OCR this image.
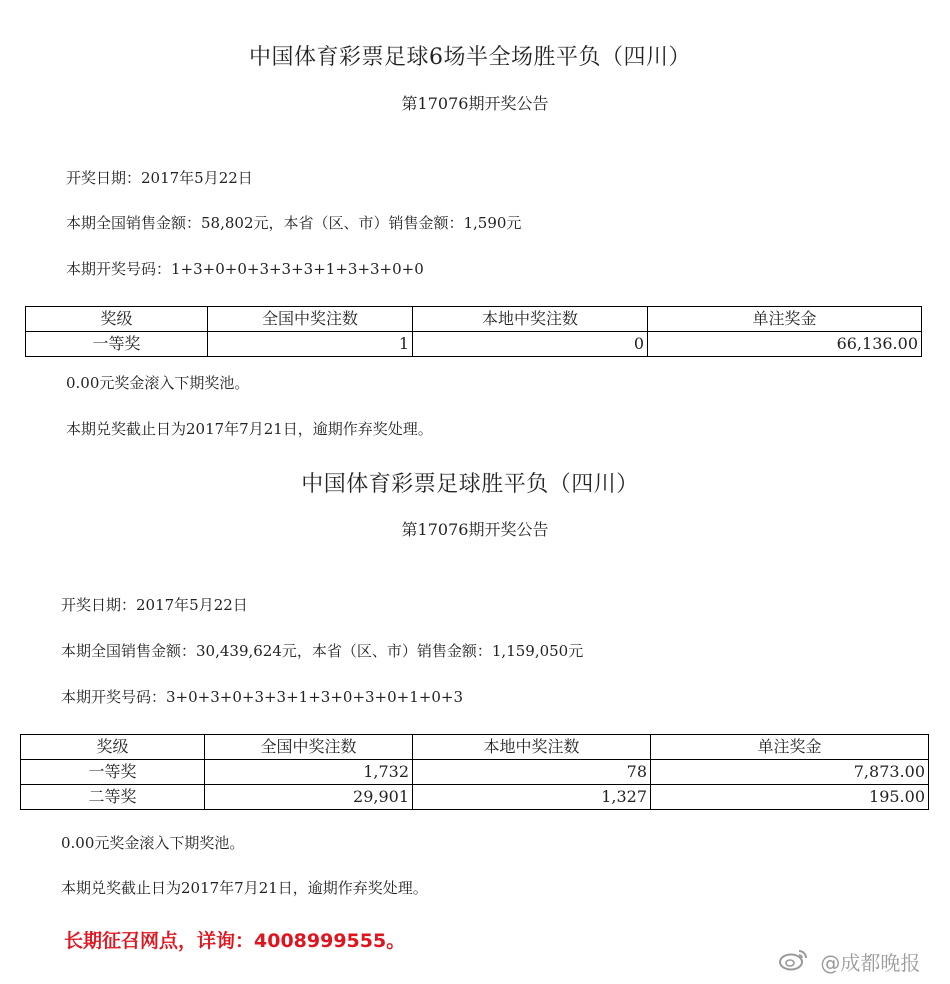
中国体育彩票足球6场半全场胜平负（四川）
第17076期开奖公告
开奖日期：2017年5月22日
本期全国销售金额：58,802元，本省（区、市）销售金额：1,590元
本期开奖号码：1+3+0+0+3+3+3+1+3+3+0+0
奖级	全国中奖注数	本地中奖注数	单注奖金
一等奖	1	0	66,136.00
0.00元奖金滚入下期奖池。
本期兑奖截止日为2017年7月21日，逾期作弃奖处理。
中国体育彩票足球胜平负（四川）
第17076期开奖公告
开奖日期：2017年5月22日
本期全国销售金额：30,439,624元，本省（区、市）销售金额：1,159,050元
本期开奖号码：3+0+3+0+3+3+1+3+0+3+0+1+0+3
奖级	全国中奖注数	本地中奖注数	单注奖金
一等奖	1,732	78	7,873.00
二等奖	29,901	1,327	195.00
0.00元奖金滚入下期奖池。
本期兑奖截止日为2017年7月21日，逾期作弃奖处理。
长期征召网点，详询：4008999555。
@成都晚报
